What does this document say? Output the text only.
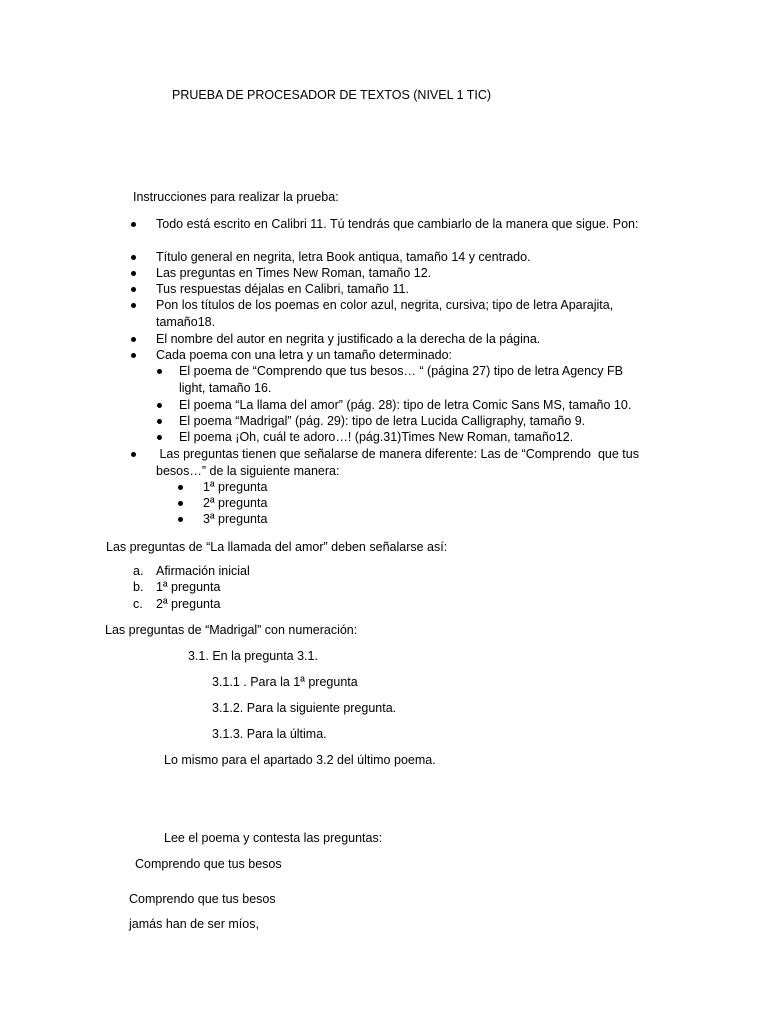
PRUEBA DE PROCESADOR DE TEXTOS (NIVEL 1 TIC)
Instrucciones para realizar la prueba:
Todo está escrito en Calibri 11. Tú tendrás que cambiarlo de la manera que sigue. Pon:
Título general en negrita, letra Book antiqua, tamaño 14 y centrado.
Las preguntas en Times New Roman, tamaño 12.
Tus respuestas déjalas en Calibri, tamaño 11.
Pon los títulos de los poemas en color azul, negrita, cursiva; tipo de letra Aparajita,
tamaño18.
El nombre del autor en negrita y justificado a la derecha de la página.
Cada poema con una letra y un tamaño determinado:
El poema de “Comprendo que tus besos… “ (página 27) tipo de letra Agency FB
light, tamaño 16.
El poema “La llama del amor” (pág. 28): tipo de letra Comic Sans MS, tamaño 10.
El poema “Madrigal” (pág. 29): tipo de letra Lucida Calligraphy, tamaño 9.
El poema ¡Oh, cuál te adoro…! (pág.31)Times New Roman, tamaño12.
Las preguntas tienen que señalarse de manera diferente: Las de “Comprendo  que tus
besos…” de la siguiente manera:
1ª pregunta
2ª pregunta
3ª pregunta
Las preguntas de “La llamada del amor” deben señalarse así:
a. Afirmación inicial
b. 1ª pregunta
c. 2ª pregunta
Las preguntas de “Madrigal” con numeración:
3.1. En la pregunta 3.1.
3.1.1 . Para la 1ª pregunta
3.1.2. Para la siguiente pregunta.
3.1.3. Para la última.
Lo mismo para el apartado 3.2 del último poema.
Lee el poema y contesta las preguntas:
Comprendo que tus besos
Comprendo que tus besos
jamás han de ser míos,
